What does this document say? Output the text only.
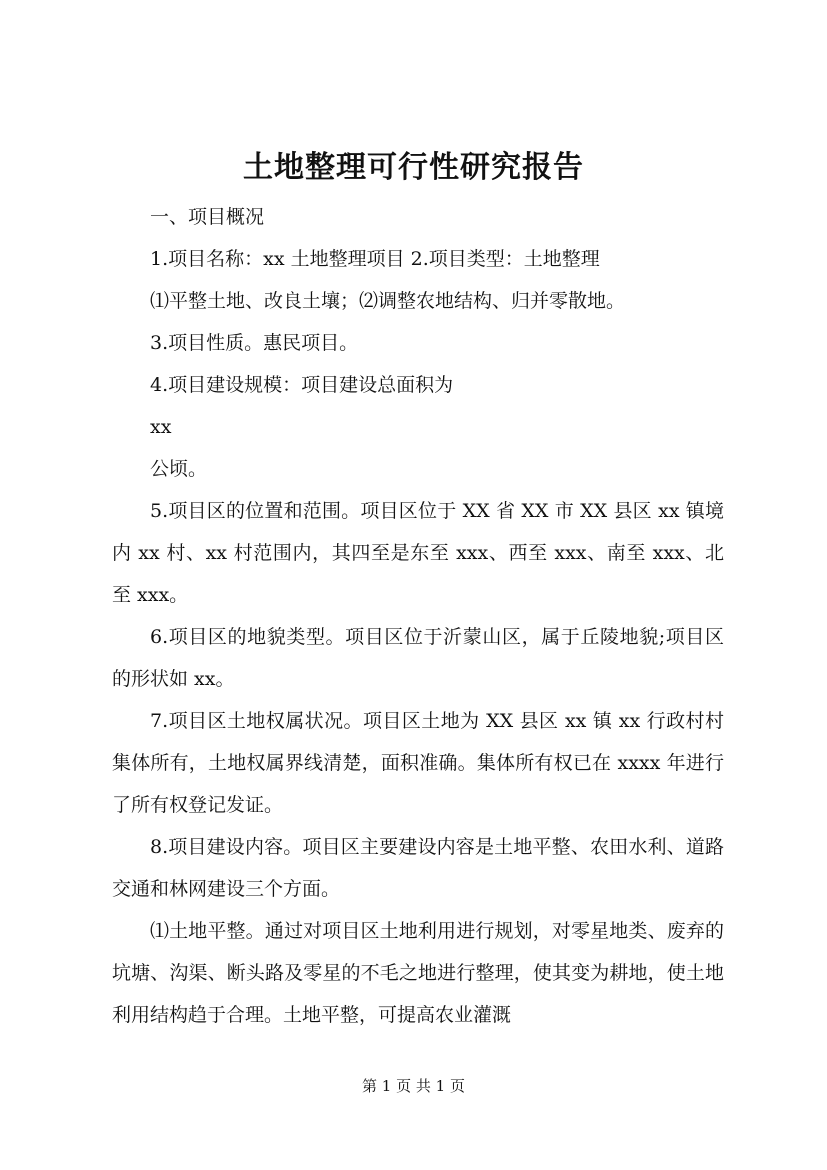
土地整理可行性研究报告

一、项目概况

1.项目名称：xx 土地整理项目 2.项目类型：土地整理

⑴平整土地、改良土壤；⑵调整农地结构、归并零散地。

3.项目性质。惠民项目。

4.项目建设规模：项目建设总面积为

xx

公顷。

5.项目区的位置和范围。项目区位于 XX 省 XX 市 XX 县区 xx 镇境内 xx 村、xx 村范围内，其四至是东至 xxx、西至 xxx、南至 xxx、北至 xxx。

6.项目区的地貌类型。项目区位于沂蒙山区，属于丘陵地貌;项目区的形状如 xx。

7.项目区土地权属状况。项目区土地为 XX 县区 xx 镇 xx 行政村村集体所有，土地权属界线清楚，面积准确。集体所有权已在 xxxx 年进行了所有权登记发证。

8.项目建设内容。项目区主要建设内容是土地平整、农田水利、道路交通和林网建设三个方面。

⑴土地平整。通过对项目区土地利用进行规划，对零星地类、废弃的坑塘、沟渠、断头路及零星的不毛之地进行整理，使其变为耕地，使土地利用结构趋于合理。土地平整，可提高农业灌溉

第 1 页 共 1 页
